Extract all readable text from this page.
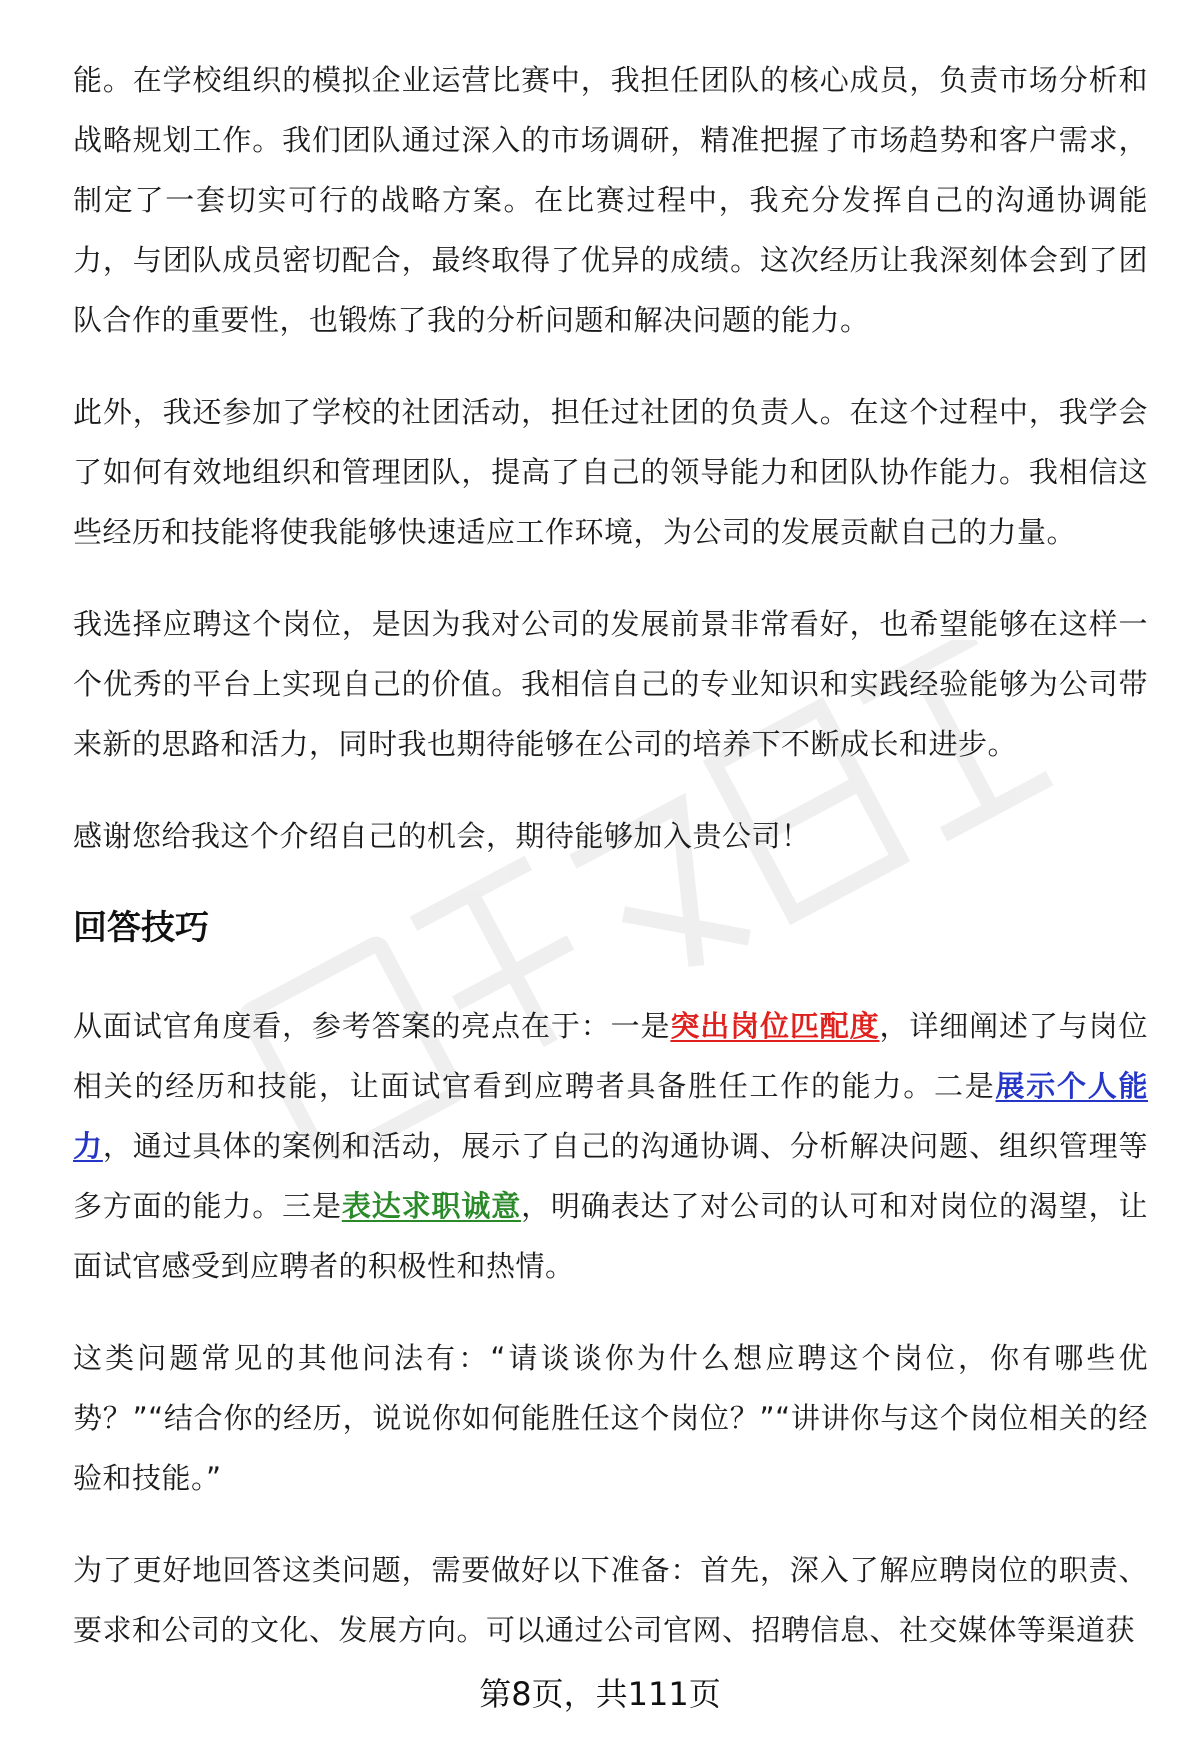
能。在学校组织的模拟企业运营比赛中，我担任团队的核心成员，负责市场分析和战略规划工作。我们团队通过深入的市场调研，精准把握了市场趋势和客户需求，制定了一套切实可行的战略方案。在比赛过程中，我充分发挥自己的沟通协调能力，与团队成员密切配合，最终取得了优异的成绩。这次经历让我深刻体会到了团队合作的重要性，也锻炼了我的分析问题和解决问题的能力。

此外，我还参加了学校的社团活动，担任过社团的负责人。在这个过程中，我学会了如何有效地组织和管理团队，提高了自己的领导能力和团队协作能力。我相信这些经历和技能将使我能够快速适应工作环境，为公司的发展贡献自己的力量。

我选择应聘这个岗位，是因为我对公司的发展前景非常看好，也希望能够在这样一个优秀的平台上实现自己的价值。我相信自己的专业知识和实践经验能够为公司带来新的思路和活力，同时我也期待能够在公司的培养下不断成长和进步。

感谢您给我这个介绍自己的机会，期待能够加入贵公司！

回答技巧

从面试官角度看，参考答案的亮点在于：一是突出岗位匹配度，详细阐述了与岗位相关的经历和技能，让面试官看到应聘者具备胜任工作的能力。二是展示个人能力，通过具体的案例和活动，展示了自己的沟通协调、分析解决问题、组织管理等多方面的能力。三是表达求职诚意，明确表达了对公司的认可和对岗位的渴望，让面试官感受到应聘者的积极性和热情。

这类问题常见的其他问法有：“请谈谈你为什么想应聘这个岗位，你有哪些优势？”“结合你的经历，说说你如何能胜任这个岗位？”“讲讲你与这个岗位相关的经验和技能。”

为了更好地回答这类问题，需要做好以下准备：首先，深入了解应聘岗位的职责、要求和公司的文化、发展方向。可以通过公司官网、招聘信息、社交媒体等渠道获

第8页，共111页
